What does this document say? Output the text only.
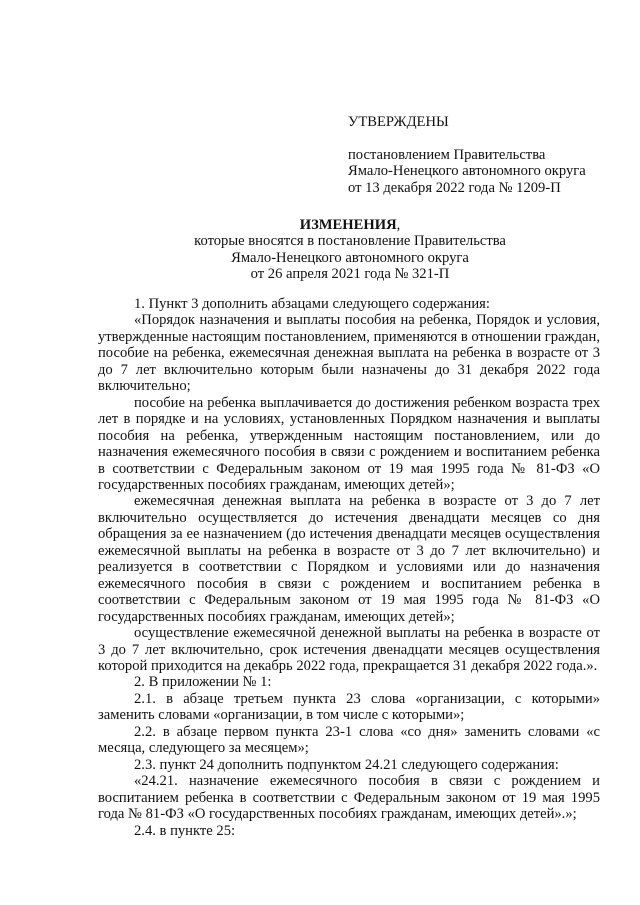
УТВЕРЖДЕНЫ
постановлением Правительства
Ямало-Ненецкого автономного округа
от 13 декабря 2022 года № 1209-П
ИЗМЕНЕНИЯ,
которые вносятся в постановление Правительства
Ямало-Ненецкого автономного округа
от 26 апреля 2021 года № 321-П

1. Пункт 3 дополнить абзацами следующего содержания:

«Порядок назначения и выплаты пособия на ребенка, Порядок и условия, утвержденные настоящим постановлением, применяются в отношении граждан, пособие на ребенка, ежемесячная денежная выплата на ребенка в возрасте от 3 до 7 лет включительно которым были назначены до 31 декабря 2022 года включительно;

пособие на ребенка выплачивается до достижения ребенком возраста трех лет в порядке и на условиях, установленных Порядком назначения и выплаты пособия на ребенка, утвержденным настоящим постановлением, или до назначения ежемесячного пособия в связи с рождением и воспитанием ребенка в соответствии с Федеральным законом от 19 мая 1995 года № 81-ФЗ «О государственных пособиях гражданам, имеющих детей»;

ежемесячная денежная выплата на ребенка в возрасте от 3 до 7 лет включительно осуществляется до истечения двенадцати месяцев со дня обращения за ее назначением (до истечения двенадцати месяцев осуществления ежемесячной выплаты на ребенка в возрасте от 3 до 7 лет включительно) и реализуется в соответствии с Порядком и условиями или до назначения ежемесячного пособия в связи с рождением и воспитанием ребенка в соответствии с Федеральным законом от 19 мая 1995 года № 81-ФЗ «О государственных пособиях гражданам, имеющих детей»;

осуществление ежемесячной денежной выплаты на ребенка в возрасте от 3 до 7 лет включительно, срок истечения двенадцати месяцев осуществления которой приходится на декабрь 2022 года, прекращается 31 декабря 2022 года.».

2. В приложении № 1:

2.1. в абзаце третьем пункта 23 слова «организации, с которыми» заменить словами «организации, в том числе с которыми»;

2.2. в абзаце первом пункта 23-1 слова «со дня» заменить словами «с месяца, следующего за месяцем»;

2.3. пункт 24 дополнить подпунктом 24.21 следующего содержания:

«24.21. назначение ежемесячного пособия в связи с рождением и воспитанием ребенка в соответствии с Федеральным законом от 19 мая 1995 года № 81-ФЗ «О государственных пособиях гражданам, имеющих детей».»;

2.4. в пункте 25:
